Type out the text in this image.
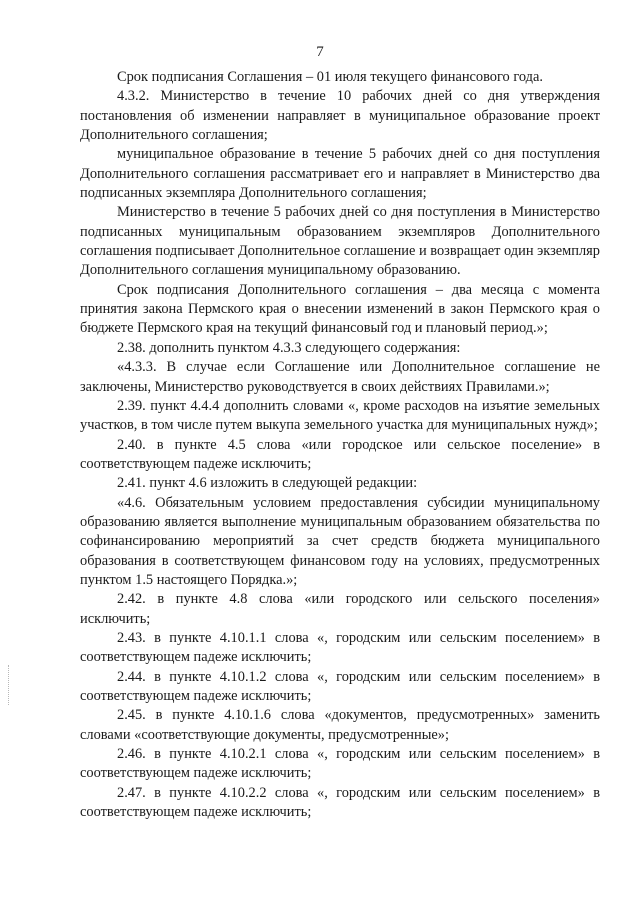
7

Срок подписания Соглашения – 01 июля текущего финансового года.

4.3.2. Министерство в течение 10 рабочих дней со дня утверждения постановления об изменении направляет в муниципальное образование проект Дополнительного соглашения;

муниципальное образование в течение 5 рабочих дней со дня поступления Дополнительного соглашения рассматривает его и направляет в Министерство два подписанных экземпляра Дополнительного соглашения;

Министерство в течение 5 рабочих дней со дня поступления в Министерство подписанных муниципальным образованием экземпляров Дополнительного соглашения подписывает Дополнительное соглашение и возвращает один экземпляр Дополнительного соглашения муниципальному образованию.

Срок подписания Дополнительного соглашения – два месяца с момента принятия закона Пермского края о внесении изменений в закон Пермского края о бюджете Пермского края на текущий финансовый год и плановый период.»;

2.38. дополнить пунктом 4.3.3 следующего содержания:

«4.3.3. В случае если Соглашение или Дополнительное соглашение не заключены, Министерство руководствуется в своих действиях Правилами.»;

2.39. пункт 4.4.4 дополнить словами «, кроме расходов на изъятие земельных участков, в том числе путем выкупа земельного участка для муниципальных нужд»;

2.40. в пункте 4.5 слова «или городское или сельское поселение» в соответствующем падеже исключить;

2.41. пункт 4.6 изложить в следующей редакции:

«4.6. Обязательным условием предоставления субсидии муниципальному образованию является выполнение муниципальным образованием обязательства по софинансированию мероприятий за счет средств бюджета муниципального образования в соответствующем финансовом году на условиях, предусмотренных пунктом 1.5 настоящего Порядка.»;

2.42. в пункте 4.8 слова «или городского или сельского поселения» исключить;

2.43. в пункте 4.10.1.1 слова «, городским или сельским поселением» в соответствующем падеже исключить;

2.44. в пункте 4.10.1.2 слова «, городским или сельским поселением» в соответствующем падеже исключить;

2.45. в пункте 4.10.1.6 слова «документов, предусмотренных» заменить словами «соответствующие документы, предусмотренные»;

2.46. в пункте 4.10.2.1 слова «, городским или сельским поселением» в соответствующем падеже исключить;

2.47. в пункте 4.10.2.2 слова «, городским или сельским поселением» в соответствующем падеже исключить;
